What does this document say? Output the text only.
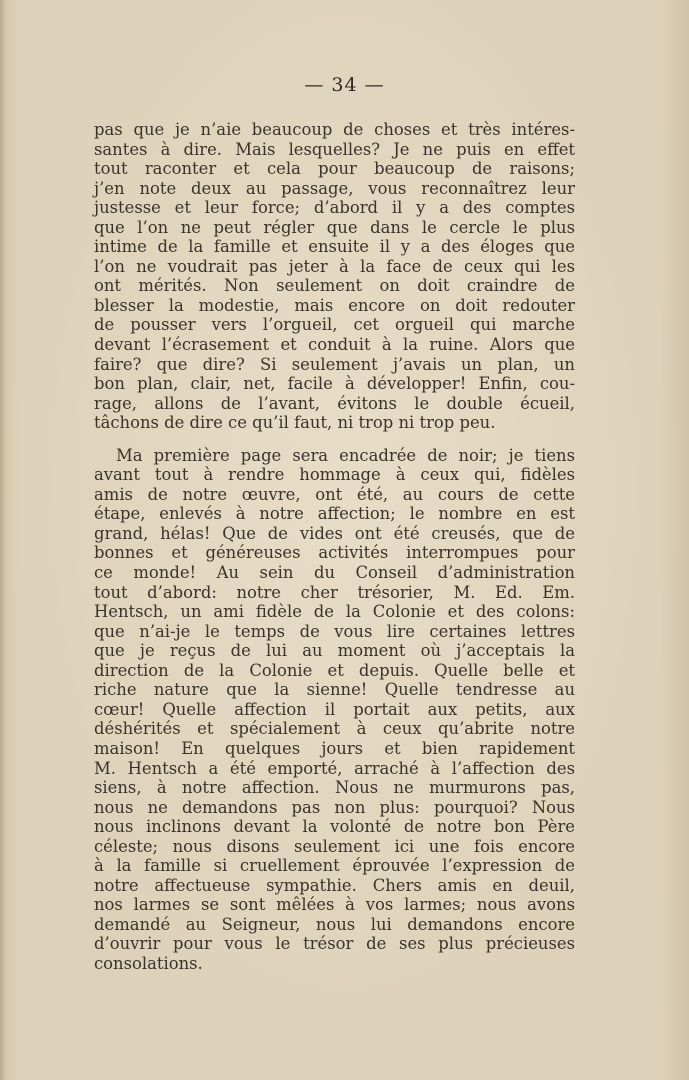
— 34 —
pas que je n’aie beaucoup de choses et très intéres-
santes à dire. Mais lesquelles? Je ne puis en effet
tout raconter et cela pour beaucoup de raisons;
j’en note deux au passage, vous reconnaîtrez leur
justesse et leur force; d’abord il y a des comptes
que l’on ne peut régler que dans le cercle le plus
intime de la famille et ensuite il y a des éloges que
l’on ne voudrait pas jeter à la face de ceux qui les
ont mérités. Non seulement on doit craindre de
blesser la modestie, mais encore on doit redouter
de pousser vers l’orgueil, cet orgueil qui marche
devant l’écrasement et conduit à la ruine. Alors que
faire? que dire? Si seulement j’avais un plan, un
bon plan, clair, net, facile à développer! Enfin, cou-
rage, allons de l’avant, évitons le double écueil,
tâchons de dire ce qu’il faut, ni trop ni trop peu.
Ma première page sera encadrée de noir; je tiens
avant tout à rendre hommage à ceux qui, fidèles
amis de notre œuvre, ont été, au cours de cette
étape, enlevés à notre affection; le nombre en est
grand, hélas! Que de vides ont été creusés, que de
bonnes et généreuses activités interrompues pour
ce monde! Au sein du Conseil d’administration
tout d’abord: notre cher trésorier, M. Ed. Em.
Hentsch, un ami fidèle de la Colonie et des colons:
que n’ai-je le temps de vous lire certaines lettres
que je reçus de lui au moment où j’acceptais la
direction de la Colonie et depuis. Quelle belle et
riche nature que la sienne! Quelle tendresse au
cœur! Quelle affection il portait aux petits, aux
déshérités et spécialement à ceux qu’abrite notre
maison! En quelques jours et bien rapidement
M. Hentsch a été emporté, arraché à l’affection des
siens, à notre affection. Nous ne murmurons pas,
nous ne demandons pas non plus: pourquoi? Nous
nous inclinons devant la volonté de notre bon Père
céleste; nous disons seulement ici une fois encore
à la famille si cruellement éprouvée l’expression de
notre affectueuse sympathie. Chers amis en deuil,
nos larmes se sont mêlées à vos larmes; nous avons
demandé au Seigneur, nous lui demandons encore
d’ouvrir pour vous le trésor de ses plus précieuses
consolations.
